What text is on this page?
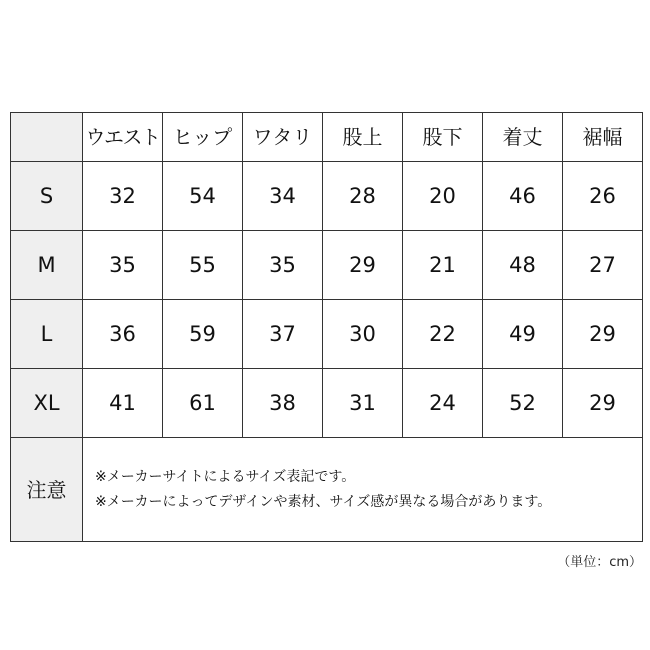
	ウエスト	ヒップ	ワタリ	股上	股下	着丈	裾幅
S	32	54	34	28	20	46	26
M	35	55	35	29	21	48	27
L	36	59	37	30	22	49	29
XL	41	61	38	31	24	52	29
注意	※メーカーサイトによるサイズ表記です。
※メーカーによってデザインや素材、サイズ感が異なる場合があります。						
（単位：cm）
